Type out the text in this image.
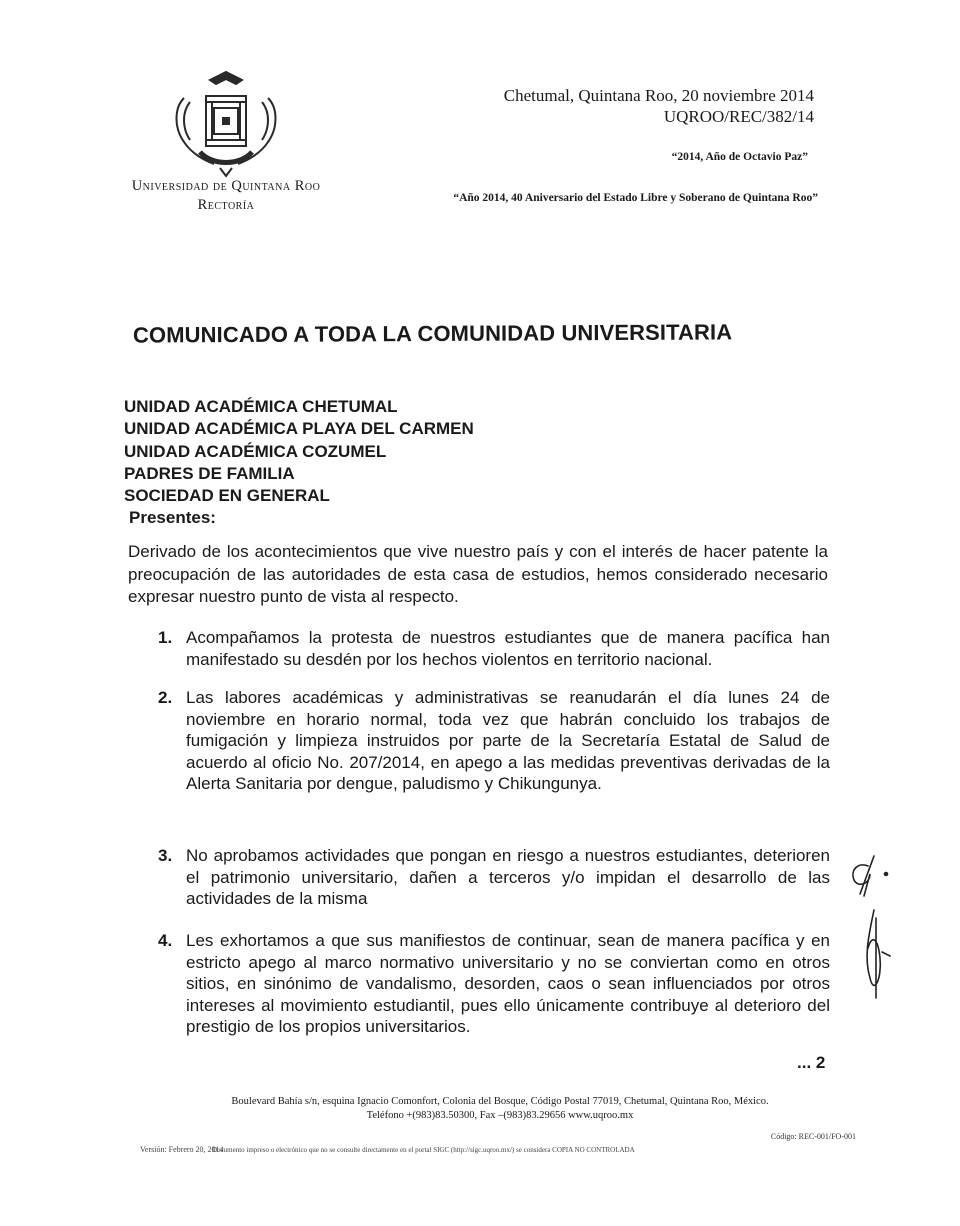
Universidad de Quintana Roo
Rectoría
Chetumal, Quintana Roo, 20 noviembre 2014
UQROO/REC/382/14
“2014, Año de Octavio Paz”
“Año 2014, 40 Aniversario del Estado Libre y Soberano de Quintana Roo”
COMUNICADO A TODA LA COMUNIDAD UNIVERSITARIA
UNIDAD ACADÉMICA CHETUMAL
UNIDAD ACADÉMICA PLAYA DEL CARMEN
UNIDAD ACADÉMICA COZUMEL
PADRES DE FAMILIA
SOCIEDAD EN GENERAL
Presentes:
Derivado de los acontecimientos que vive nuestro país y con el interés de hacer patente la preocupación de las autoridades de esta casa de estudios, hemos considerado necesario expresar nuestro punto de vista al respecto.
1. Acompañamos la protesta de nuestros estudiantes que de manera pacífica han manifestado su desdén por los hechos violentos en territorio nacional.
2. Las labores académicas y administrativas se reanudarán el día lunes 24 de noviembre en horario normal, toda vez que habrán concluido los trabajos de fumigación y limpieza instruidos por parte de la Secretaría Estatal de Salud de acuerdo al oficio No. 207/2014, en apego a las medidas preventivas derivadas de la Alerta Sanitaria por dengue, paludismo y Chikungunya.
3. No aprobamos actividades que pongan en riesgo a nuestros estudiantes, deterioren el patrimonio universitario, dañen a terceros y/o impidan el desarrollo de las actividades de la misma
4. Les exhortamos a que sus manifiestos de continuar, sean de manera pacífica y en estricto apego al marco normativo universitario y no se conviertan como en otros sitios, en sinónimo de vandalismo, desorden, caos o sean influenciados por otros intereses al movimiento estudiantil, pues ello únicamente contribuye al deterioro del prestigio de los propios universitarios.
... 2
Boulevard Bahía s/n, esquina Ignacio Comonfort, Colonia del Bosque, Código Postal 77019, Chetumal, Quintana Roo, México.
Teléfono +(983)83.50300, Fax –(983)83.29656 www.uqroo.mx
Código: REC-001/FO-001
Versión: Febrero 20, 2014
Documento impreso o electrónico que no se consulte directamente en el portal SIGC (http://sigc.uqroo.mx/) se considera COPIA NO CONTROLADA
